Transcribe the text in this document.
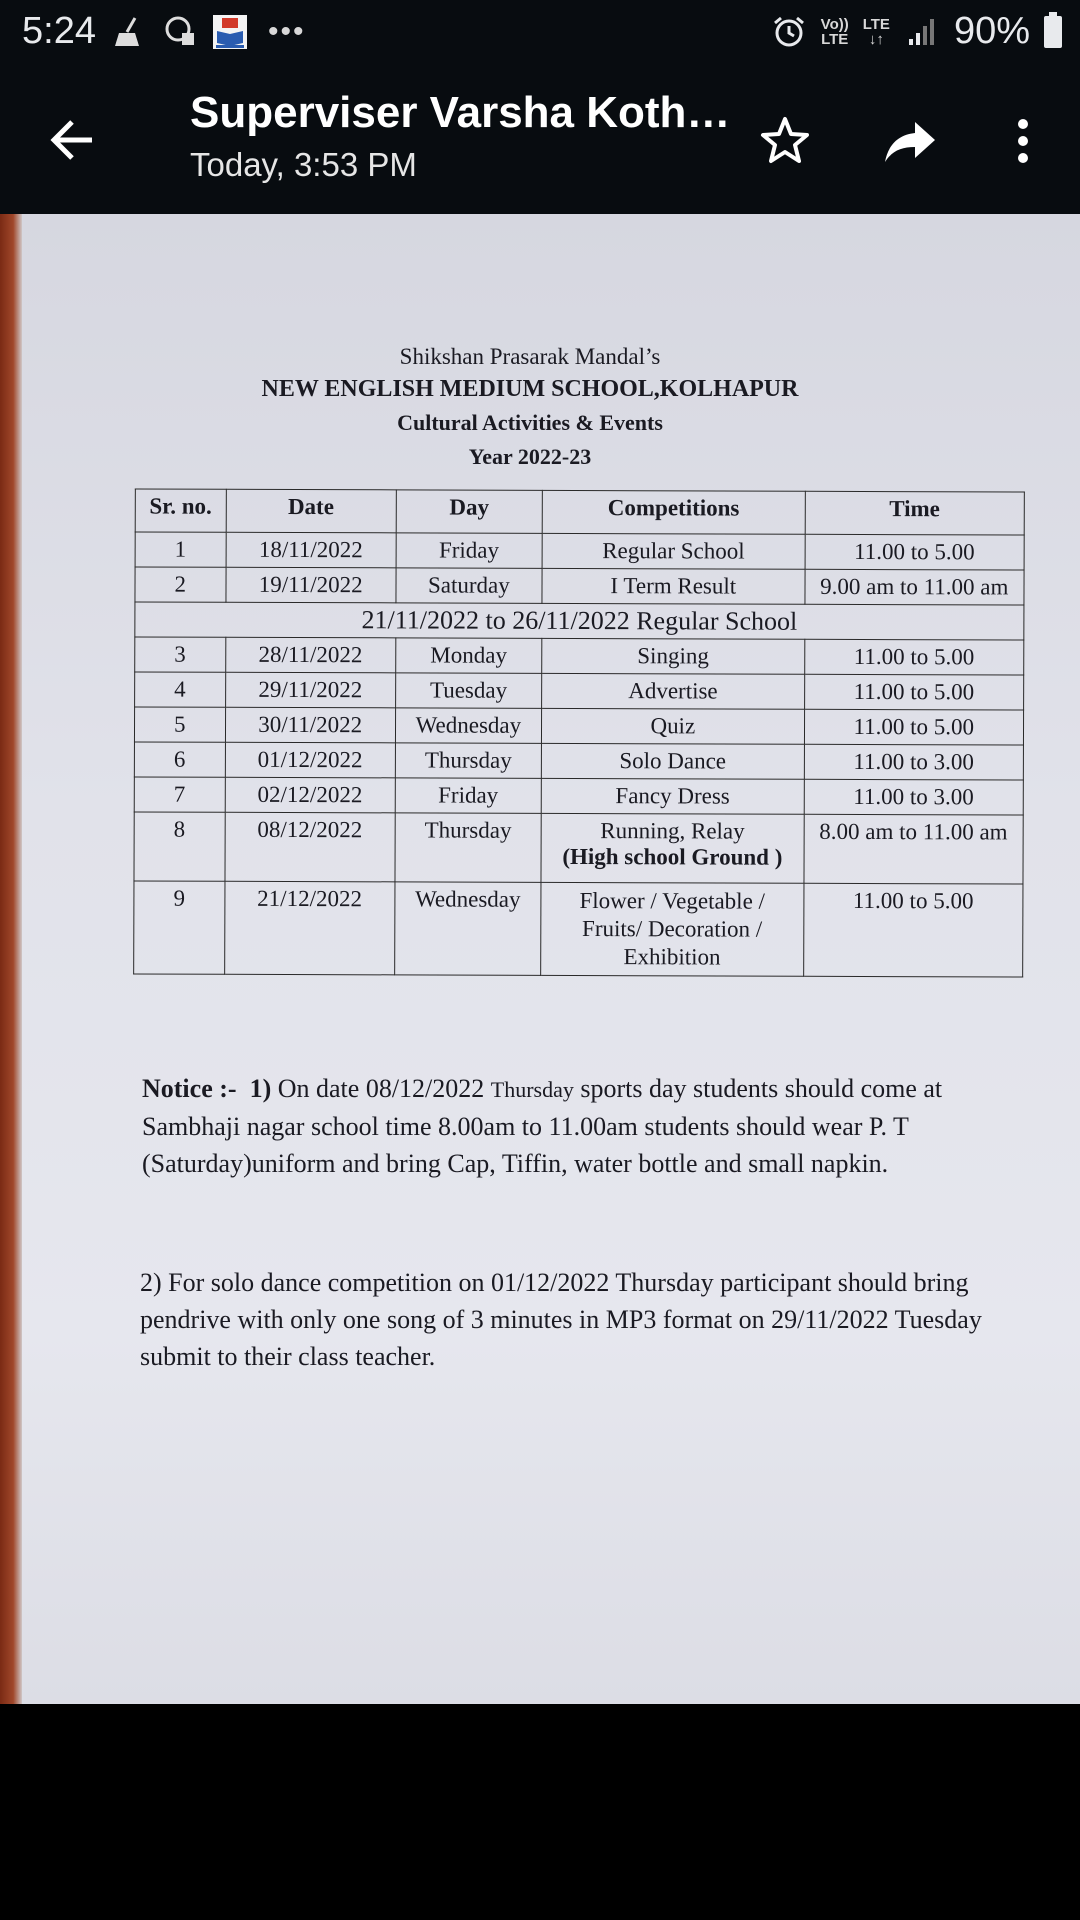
5:24	•••	Vo))
LTE
LTE
↓↑ 90%
Superviser Varsha Koth…
Today, 3:53 PM
Shikshan Prasarak Mandal’s
NEW ENGLISH MEDIUM SCHOOL,KOLHAPUR
Cultural Activities & Events
Year 2022-23
Sr. no.	Date	Day	Competitions	Time
1	18/11/2022	Friday	Regular School	11.00 to 5.00
2	19/11/2022	Saturday	I Term Result	9.00 am to 11.00 am
21/11/2022 to 26/11/2022 Regular School				
3	28/11/2022	Monday	Singing	11.00 to 5.00
4	29/11/2022	Tuesday	Advertise	11.00 to 5.00
5	30/11/2022	Wednesday	Quiz	11.00 to 5.00
6	01/12/2022	Thursday	Solo Dance	11.00 to 3.00
7	02/12/2022	Friday	Fancy Dress	11.00 to 3.00
8	08/12/2022	Thursday	Running, Relay
(High school Ground )	8.00 am to 11.00 am
9	21/12/2022	Wednesday	Flower / Vegetable /
Fruits/ Decoration /
Exhibition	11.00 to 5.00
Notice :- 1) On date 08/12/2022 Thursday sports day students should come at Sambhaji nagar school time 8.00am to 11.00am students should wear P. T (Saturday)uniform and bring Cap, Tiffin, water bottle and small napkin.
2) For solo dance competition on 01/12/2022 Thursday participant should bring pendrive with only one song of 3 minutes in MP3 format on 29/11/2022 Tuesday submit to their class teacher.
